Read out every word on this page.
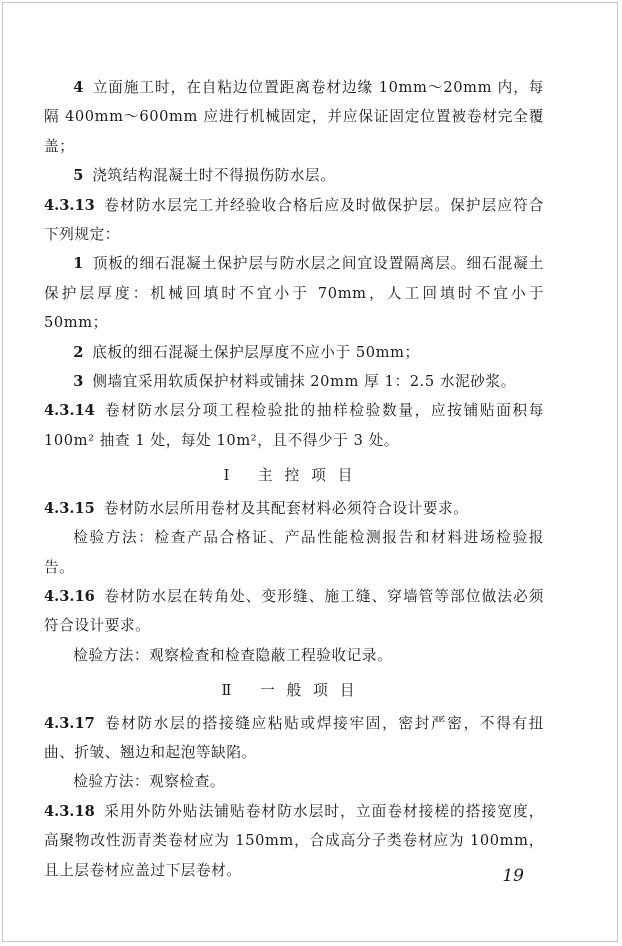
4 立面施工时，在自粘边位置距离卷材边缘 10mm～20mm 内，每隔 400mm～600mm 应进行机械固定，并应保证固定位置被卷材完全覆盖；

5 浇筑结构混凝土时不得损伤防水层。

4.3.13 卷材防水层完工并经验收合格后应及时做保护层。保护层应符合下列规定：

1 顶板的细石混凝土保护层与防水层之间宜设置隔离层。细石混凝土保护层厚度：机械回填时不宜小于 70mm，人工回填时不宜小于 50mm；

2 底板的细石混凝土保护层厚度不应小于 50mm；

3 侧墙宜采用软质保护材料或铺抹 20mm 厚 1：2.5 水泥砂浆。

4.3.14 卷材防水层分项工程检验批的抽样检验数量，应按铺贴面积每 100m² 抽查 1 处，每处 10m²，且不得少于 3 处。

Ⅰ 主控项目

4.3.15 卷材防水层所用卷材及其配套材料必须符合设计要求。

检验方法：检查产品合格证、产品性能检测报告和材料进场检验报告。

4.3.16 卷材防水层在转角处、变形缝、施工缝、穿墙管等部位做法必须符合设计要求。

检验方法：观察检查和检查隐蔽工程验收记录。

Ⅱ 一般项目

4.3.17 卷材防水层的搭接缝应粘贴或焊接牢固，密封严密，不得有扭曲、折皱、翘边和起泡等缺陷。

检验方法：观察检查。

4.3.18 采用外防外贴法铺贴卷材防水层时，立面卷材接槎的搭接宽度，高聚物改性沥青类卷材应为 150mm，合成高分子类卷材应为 100mm，且上层卷材应盖过下层卷材。	19
